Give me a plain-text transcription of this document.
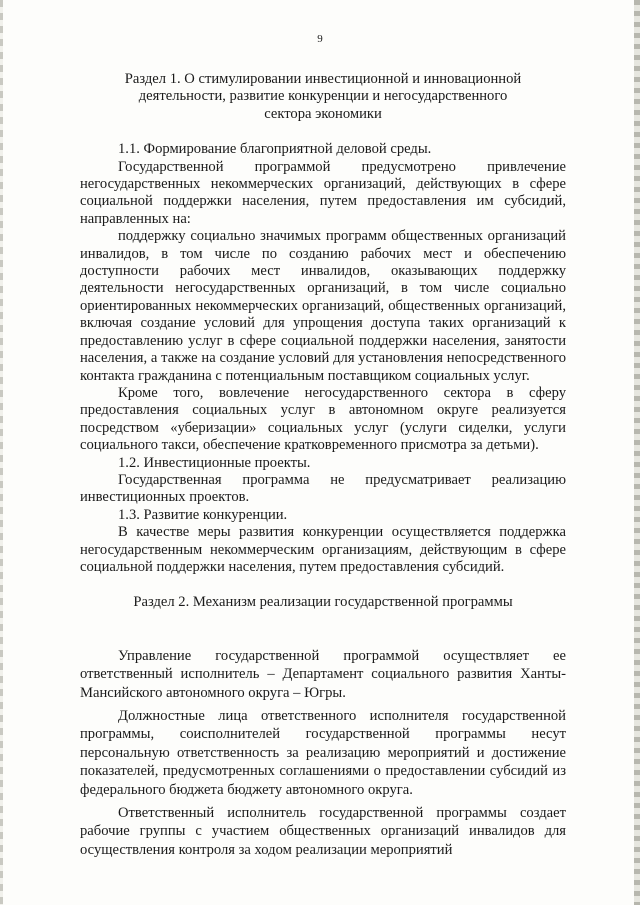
9
Раздел 1. О стимулировании инвестиционной и инновационной
деятельности, развитие конкуренции и негосударственного
сектора экономики

1.1. Формирование благоприятной деловой среды.

Государственной программой предусмотрено привлечение негосударственных некоммерческих организаций, действующих в сфере социальной поддержки населения, путем предоставления им субсидий, направленных на:

поддержку социально значимых программ общественных организаций инвалидов, в том числе по созданию рабочих мест и обеспечению доступности рабочих мест инвалидов, оказывающих поддержку деятельности негосударственных организаций, в том числе социально ориентированных некоммерческих организаций, общественных организаций, включая создание условий для упрощения доступа таких организаций к предоставлению услуг в сфере социальной поддержки населения, занятости населения, а также на создание условий для установления непосредственного контакта гражданина с потенциальным поставщиком социальных услуг.

Кроме того, вовлечение негосударственного сектора в сферу предоставления социальных услуг в автономном округе реализуется посредством «уберизации» социальных услуг (услуги сиделки, услуги социального такси, обеспечение кратковременного присмотра за детьми).

1.2. Инвестиционные проекты.

Государственная программа не предусматривает реализацию инвестиционных проектов.

1.3. Развитие конкуренции.

В качестве меры развития конкуренции осуществляется поддержка негосударственным некоммерческим организациям, действующим в сфере социальной поддержки населения, путем предоставления субсидий.

Раздел 2. Механизм реализации государственной программы

Управление государственной программой осуществляет ее ответственный исполнитель – Департамент социального развития Ханты-Мансийского автономного округа – Югры.

Должностные лица ответственного исполнителя государственной программы, соисполнителей государственной программы несут персональную ответственность за реализацию мероприятий и достижение показателей, предусмотренных соглашениями о предоставлении субсидий из федерального бюджета бюджету автономного округа.

Ответственный исполнитель государственной программы создает рабочие группы с участием общественных организаций инвалидов для осуществления контроля за ходом реализации мероприятий
